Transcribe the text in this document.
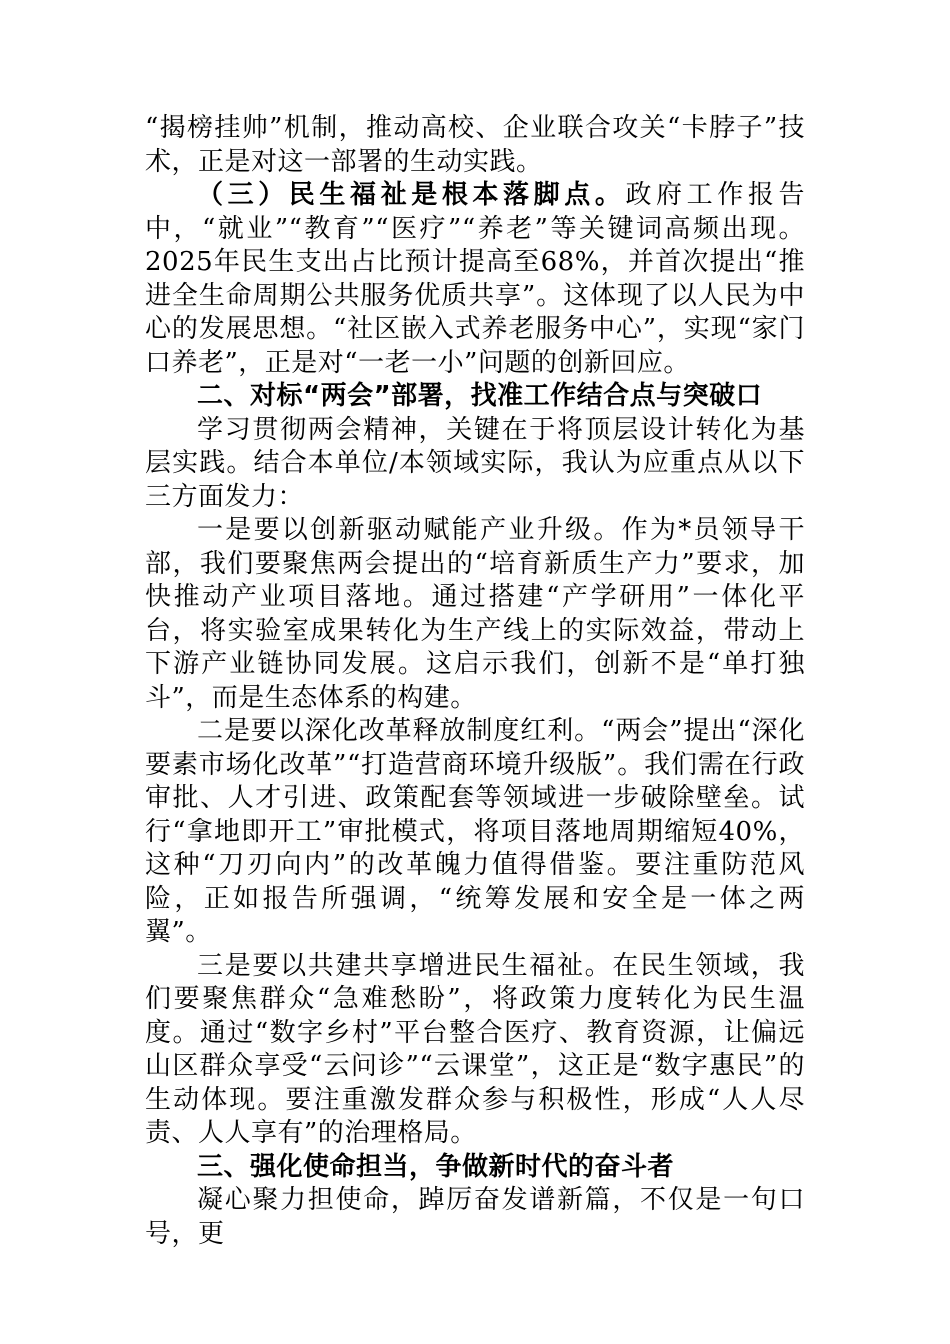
“揭榜挂帅”机制，推动高校、企业联合攻关“卡脖子”技术，正是对这一部署的生动实践。

（三）民生福祉是根本落脚点。政府工作报告中，“就业”“教育”“医疗”“养老”等关键词高频出现。2025年民生支出占比预计提高至68%，并首次提出“推进全生命周期公共服务优质共享”。这体现了以人民为中心的发展思想。“社区嵌入式养老服务中心”，实现“家门口养老”，正是对“一老一小”问题的创新回应。

二、对标“两会”部署，找准工作结合点与突破口

学习贯彻两会精神，关键在于将顶层设计转化为基层实践。结合本单位/本领域实际，我认为应重点从以下三方面发力：

一是要以创新驱动赋能产业升级。作为*员领导干部，我们要聚焦两会提出的“培育新质生产力”要求，加快推动产业项目落地。通过搭建“产学研用”一体化平台，将实验室成果转化为生产线上的实际效益，带动上下游产业链协同发展。这启示我们，创新不是“单打独斗”，而是生态体系的构建。

二是要以深化改革释放制度红利。“两会”提出“深化要素市场化改革”“打造营商环境升级版”。我们需在行政审批、人才引进、政策配套等领域进一步破除壁垒。试行“拿地即开工”审批模式，将项目落地周期缩短40%，这种“刀刃向内”的改革魄力值得借鉴。要注重防范风险，正如报告所强调，“统筹发展和安全是一体之两翼”。

三是要以共建共享增进民生福祉。在民生领域，我们要聚焦群众“急难愁盼”，将政策力度转化为民生温度。通过“数字乡村”平台整合医疗、教育资源，让偏远山区群众享受“云问诊”“云课堂”，这正是“数字惠民”的生动体现。要注重激发群众参与积极性，形成“人人尽责、人人享有”的治理格局。

三、强化使命担当，争做新时代的奋斗者

凝心聚力担使命，踔厉奋发谱新篇，不仅是一句口号，更
